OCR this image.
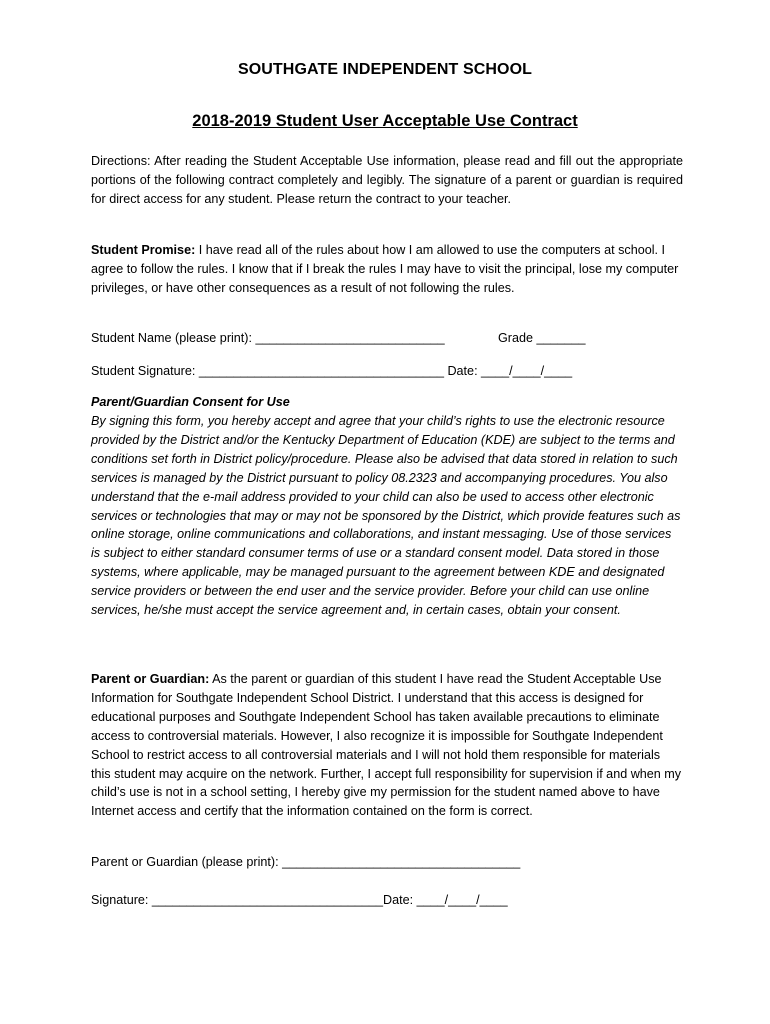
SOUTHGATE INDEPENDENT SCHOOL
2018-2019 Student User Acceptable Use Contract

Directions: After reading the Student Acceptable Use information, please read and fill out the appropriate portions of the following contract completely and legibly. The signature of a parent or guardian is required for direct access for any student. Please return the contract to your teacher.

Student Promise: I have read all of the rules about how I am allowed to use the computers at school. I agree to follow the rules. I know that if I break the rules I may have to visit the principal, lose my computer privileges, or have other consequences as a result of not following the rules.

Student Name (please print): ___________________________	Grade _______
Student Signature: ___________________________________ Date: ____/____/____
Parent/Guardian Consent for Use

By signing this form, you hereby accept and agree that your child’s rights to use the electronic resource provided by the District and/or the Kentucky Department of Education (KDE) are subject to the terms and conditions set forth in District policy/procedure. Please also be advised that data stored in relation to such services is managed by the District pursuant to policy 08.2323 and accompanying procedures. You also understand that the e-mail address provided to your child can also be used to access other electronic services or technologies that may or may not be sponsored by the District, which provide features such as online storage, online communications and collaborations, and instant messaging. Use of those services is subject to either standard consumer terms of use or a standard consent model. Data stored in those systems, where applicable, may be managed pursuant to the agreement between KDE and designated service providers or between the end user and the service provider. Before your child can use online services, he/she must accept the service agreement and, in certain cases, obtain your consent.

Parent or Guardian: As the parent or guardian of this student I have read the Student Acceptable Use Information for Southgate Independent School District. I understand that this access is designed for educational purposes and Southgate Independent School has taken available precautions to eliminate access to controversial materials. However, I also recognize it is impossible for Southgate Independent School to restrict access to all controversial materials and I will not hold them responsible for materials this student may acquire on the network. Further, I accept full responsibility for supervision if and when my child’s use is not in a school setting, I hereby give my permission for the student named above to have Internet access and certify that the information contained on the form is correct.

Parent or Guardian (please print): __________________________________
Signature: _________________________________Date: ____/____/____
